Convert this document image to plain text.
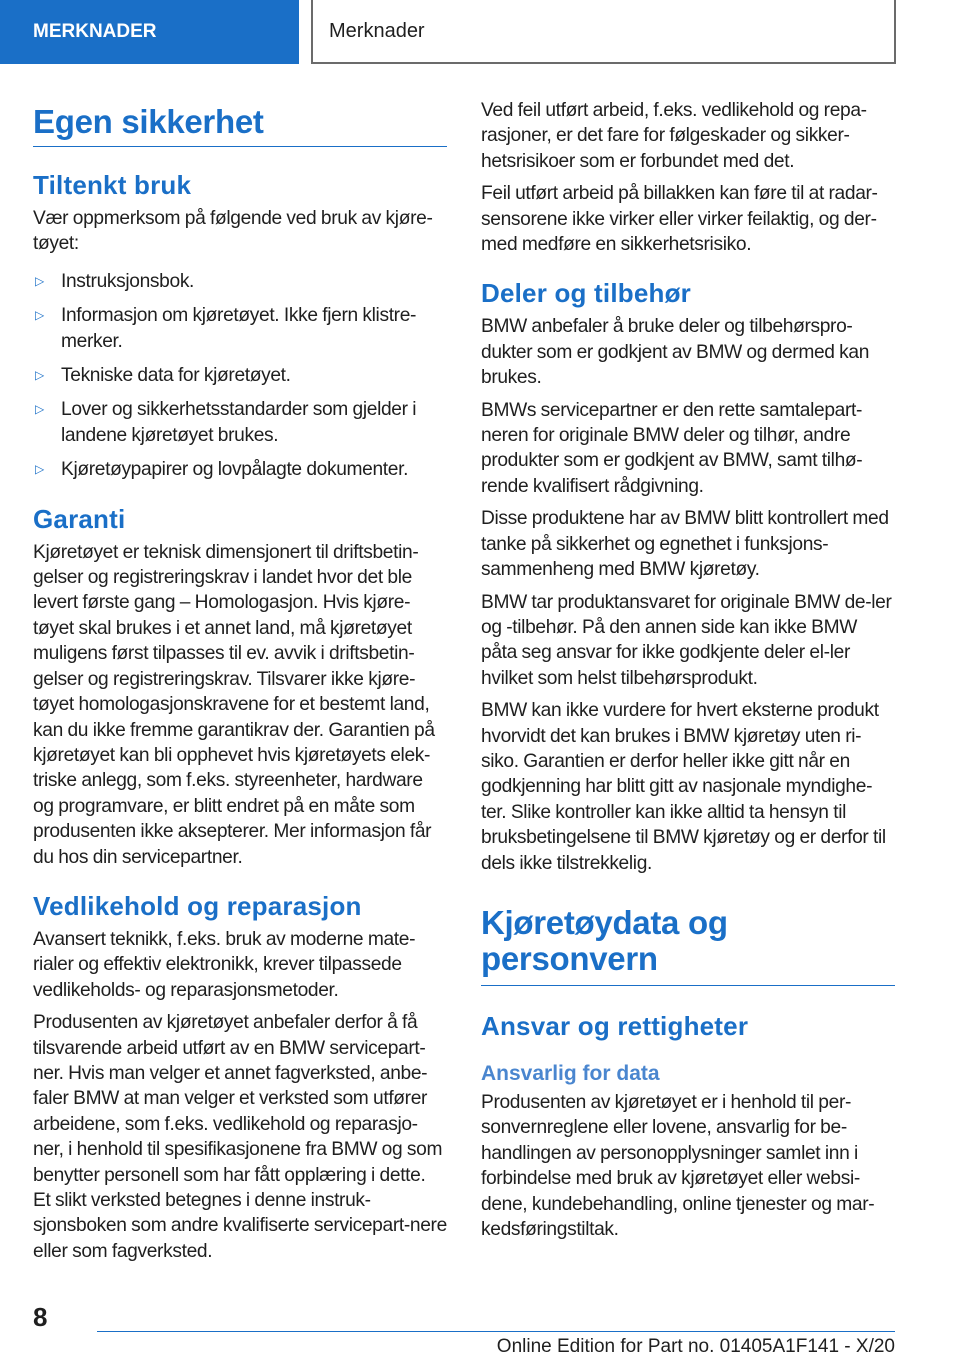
MERKNADER	Merknader
Egen sikkerhet
Tiltenkt bruk

Vær oppmerksom på følgende ved bruk av kjøre-tøyet:

▷ Instruksjonsbok.
▷ Informasjon om kjøretøyet. Ikke fjern klistre-merker.
▷ Tekniske data for kjøretøyet.
▷ Lover og sikkerhetsstandarder som gjelder i landene kjøretøyet brukes.
▷ Kjøretøypapirer og lovpålagte dokumenter.
Garanti

Kjøretøyet er teknisk dimensjonert til driftsbetin-gelser og registreringskrav i landet hvor det ble levert første gang – Homologasjon. Hvis kjøre-tøyet skal brukes i et annet land, må kjøretøyet muligens først tilpasses til ev. avvik i driftsbetin-gelser og registreringskrav. Tilsvarer ikke kjøre-tøyet homologasjonskravene for et bestemt land, kan du ikke fremme garantikrav der. Garantien på kjøretøyet kan bli opphevet hvis kjøretøyets elek-triske anlegg, som f.eks. styreenheter, hardware og programvare, er blitt endret på en måte som produsenten ikke aksepterer. Mer informasjon får du hos din servicepartner.

Vedlikehold og reparasjon

Avansert teknikk, f.eks. bruk av moderne mate-rialer og effektiv elektronikk, krever tilpassede vedlikeholds- og reparasjonsmetoder.

Produsenten av kjøretøyet anbefaler derfor å få tilsvarende arbeid utført av en BMW servicepart-ner. Hvis man velger et annet fagverksted, anbe-faler BMW at man velger et verksted som utfører arbeidene, som f.eks. vedlikehold og reparasjo-ner, i henhold til spesifikasjonene fra BMW og som benytter personell som har fått opplæring i dette. Et slikt verksted betegnes i denne instruk-sjonsboken som andre kvalifiserte servicepart-nere eller som fagverksted.

Ved feil utført arbeid, f.eks. vedlikehold og repa-rasjoner, er det fare for følgeskader og sikker-hetsrisikoer som er forbundet med det.

Feil utført arbeid på billakken kan føre til at radar-sensorene ikke virker eller virker feilaktig, og der-med medføre en sikkerhetsrisiko.

Deler og tilbehør

BMW anbefaler å bruke deler og tilbehørspro-dukter som er godkjent av BMW og dermed kan brukes.

BMWs servicepartner er den rette samtalepart-neren for originale BMW deler og tilhør, andre produkter som er godkjent av BMW, samt tilhø-rende kvalifisert rådgivning.

Disse produktene har av BMW blitt kontrollert med tanke på sikkerhet og egnethet i funksjons-sammenheng med BMW kjøretøy.

BMW tar produktansvaret for originale BMW de-ler og -tilbehør. På den annen side kan ikke BMW påta seg ansvar for ikke godkjente deler el-ler hvilket som helst tilbehørsprodukt.

BMW kan ikke vurdere for hvert eksterne produkt hvorvidt det kan brukes i BMW kjøretøy uten ri-siko. Garantien er derfor heller ikke gitt når en godkjenning har blitt gitt av nasjonale myndighe-ter. Slike kontroller kan ikke alltid ta hensyn til bruksbetingelsene til BMW kjøretøy og er derfor til dels ikke tilstrekkelig.

Kjøretøydata og
personvern
Ansvar og rettigheter
Ansvarlig for data

Produsenten av kjøretøyet er i henhold til per-sonvernreglene eller lovene, ansvarlig for be-handlingen av personopplysninger samlet inn i forbindelse med bruk av kjøretøyet eller websi-dene, kundebehandling, online tjenester og mar-kedsføringstiltak.

8
Online Edition for Part no. 01405A1F141 - X/20
